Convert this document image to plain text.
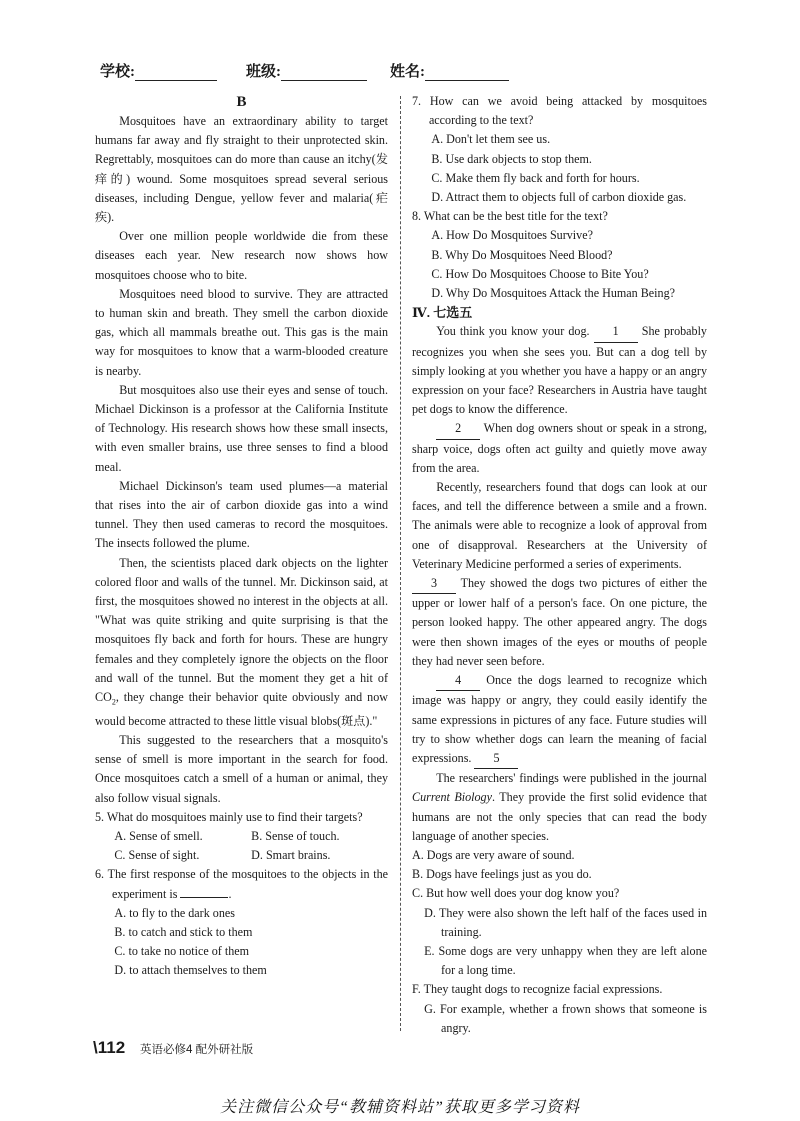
学校:	班级:	姓名:

B

Mosquitoes have an extraordinary ability to target humans far away and fly straight to their unprotected skin. Regrettably, mosquitoes can do more than cause an itchy(发痒的) wound. Some mosquitoes spread several serious diseases, including Dengue, yellow fever and malaria(疟疾).

Over one million people worldwide die from these diseases each year. New research now shows how mosquitoes choose who to bite.

Mosquitoes need blood to survive. They are attracted to human skin and breath. They smell the carbon dioxide gas, which all mammals breathe out. This gas is the main way for mosquitoes to know that a warm-blooded creature is nearby.

But mosquitoes also use their eyes and sense of touch. Michael Dickinson is a professor at the California Institute of Technology. His research shows how these small insects, with even smaller brains, use three senses to find a blood meal.

Michael Dickinson's team used plumes—a material that rises into the air of carbon dioxide gas into a wind tunnel. They then used cameras to record the mosquitoes. The insects followed the plume.

Then, the scientists placed dark objects on the lighter colored floor and walls of the tunnel. Mr. Dickinson said, at first, the mosquitoes showed no interest in the objects at all. "What was quite striking and quite surprising is that the mosquitoes fly back and forth for hours. These are hungry females and they completely ignore the objects on the floor and wall of the tunnel. But the moment they get a hit of $CO_2$, they change their behavior quite obviously and now would become attracted to these little visual blobs(斑点)."

This suggested to the researchers that a mosquito's sense of smell is more important in the search for food. Once mosquitoes catch a smell of a human or animal, they also follow visual signals.

5. What do mosquitoes mainly use to find their targets?

A. Sense of smell.	B. Sense of touch.
C. Sense of sight.	D. Smart brains.

6. The first response of the mosquitoes to the objects in the experiment is	.

A. to fly to the dark ones

B. to catch and stick to them

C. to take no notice of them

D. to attach themselves to them

7. How can we avoid being attacked by mosquitoes according to the text?

A. Don't let them see us.

B. Use dark objects to stop them.

C. Make them fly back and forth for hours.

D. Attract them to objects full of carbon dioxide gas.

8. What can be the best title for the text?

A. How Do Mosquitoes Survive?

B. Why Do Mosquitoes Need Blood?

C. How Do Mosquitoes Choose to Bite You?

D. Why Do Mosquitoes Attack the Human Being?

Ⅳ. 七选五

You think you know your dog. 1 She probably recognizes you when she sees you. But can a dog tell by simply looking at you whether you have a happy or an angry expression on your face? Researchers in Austria have taught pet dogs to know the difference.

2 When dog owners shout or speak in a strong, sharp voice, dogs often act guilty and quietly move away from the area.

Recently, researchers found that dogs can look at our faces, and tell the difference between a smile and a frown. The animals were able to recognize a look of approval from one of disapproval. Researchers at the University of Veterinary Medicine performed a series of experiments.

3 They showed the dogs two pictures of either the upper or lower half of a person's face. On one picture, the person looked happy. The other appeared angry. The dogs were then shown images of the eyes or mouths of people they had never seen before.

4 Once the dogs learned to recognize which image was happy or angry, they could easily identify the same expressions in pictures of any face. Future studies will try to show whether dogs can learn the meaning of facial expressions. 5

The researchers' findings were published in the journal Current Biology. They provide the first solid evidence that humans are not the only species that can read the body language of another species.

A. Dogs are very aware of sound.

B. Dogs have feelings just as you do.

C. But how well does your dog know you?

D. They were also shown the left half of the faces used in training.

E. Some dogs are very unhappy when they are left alone for a long time.

F. They taught dogs to recognize facial expressions.

G. For example, whether a frown shows that someone is angry.

\112 英语必修4 配外研社版
关注微信公众号“教辅资料站”获取更多学习资料
